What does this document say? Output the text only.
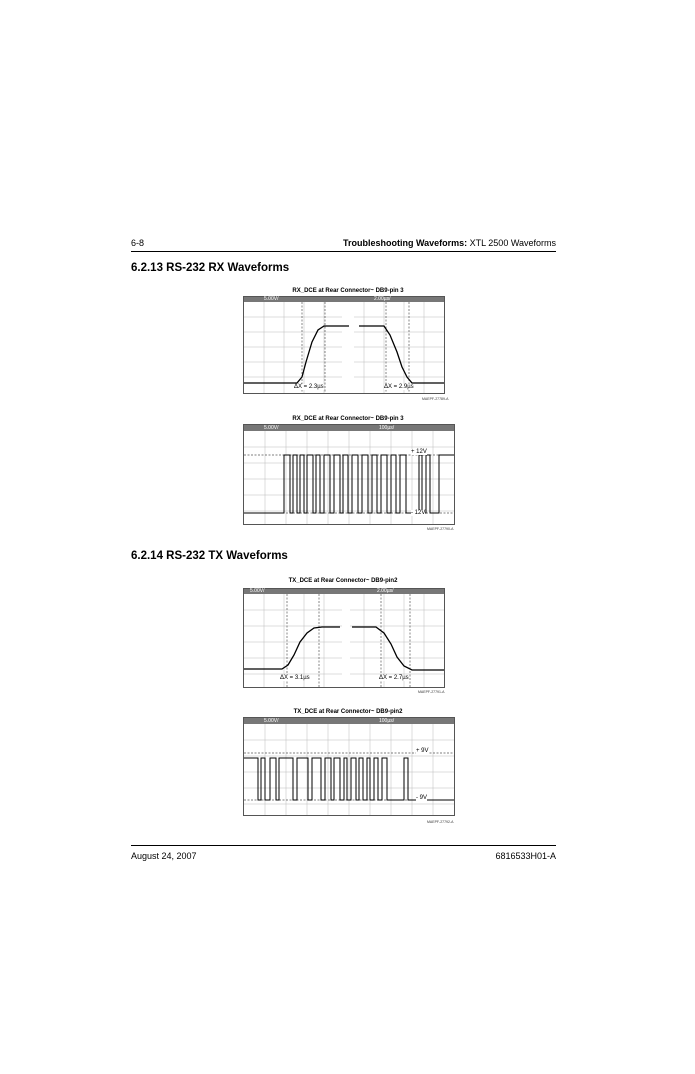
6-8	Troubleshooting Waveforms: XTL 2500 Waveforms
6.2.13 RS-232 RX Waveforms
RX_DCE at Rear Connector~ DB9-pin 3
5.00V/	2.00µs/
ΔX = 2.3µs	ΔX = 2.9µs
MAEPF-27789-A
RX_DCE at Rear Connector~ DB9-pin 3
5.00V/	100µs/
+ 12V
- 12V
MAEPF-27790-A
6.2.14 RS-232 TX Waveforms
TX_DCE at Rear Connector~ DB9-pin2
5.00V/	2.00µs/
ΔX = 3.1µs	ΔX = 2.7µs
MAEPF-27791-A
TX_DCE at Rear Connector~ DB9-pin2
5.00V/	100µs/
+ 9V
- 9V
MAEPF-27792-A
August 24, 2007	6816533H01-A
